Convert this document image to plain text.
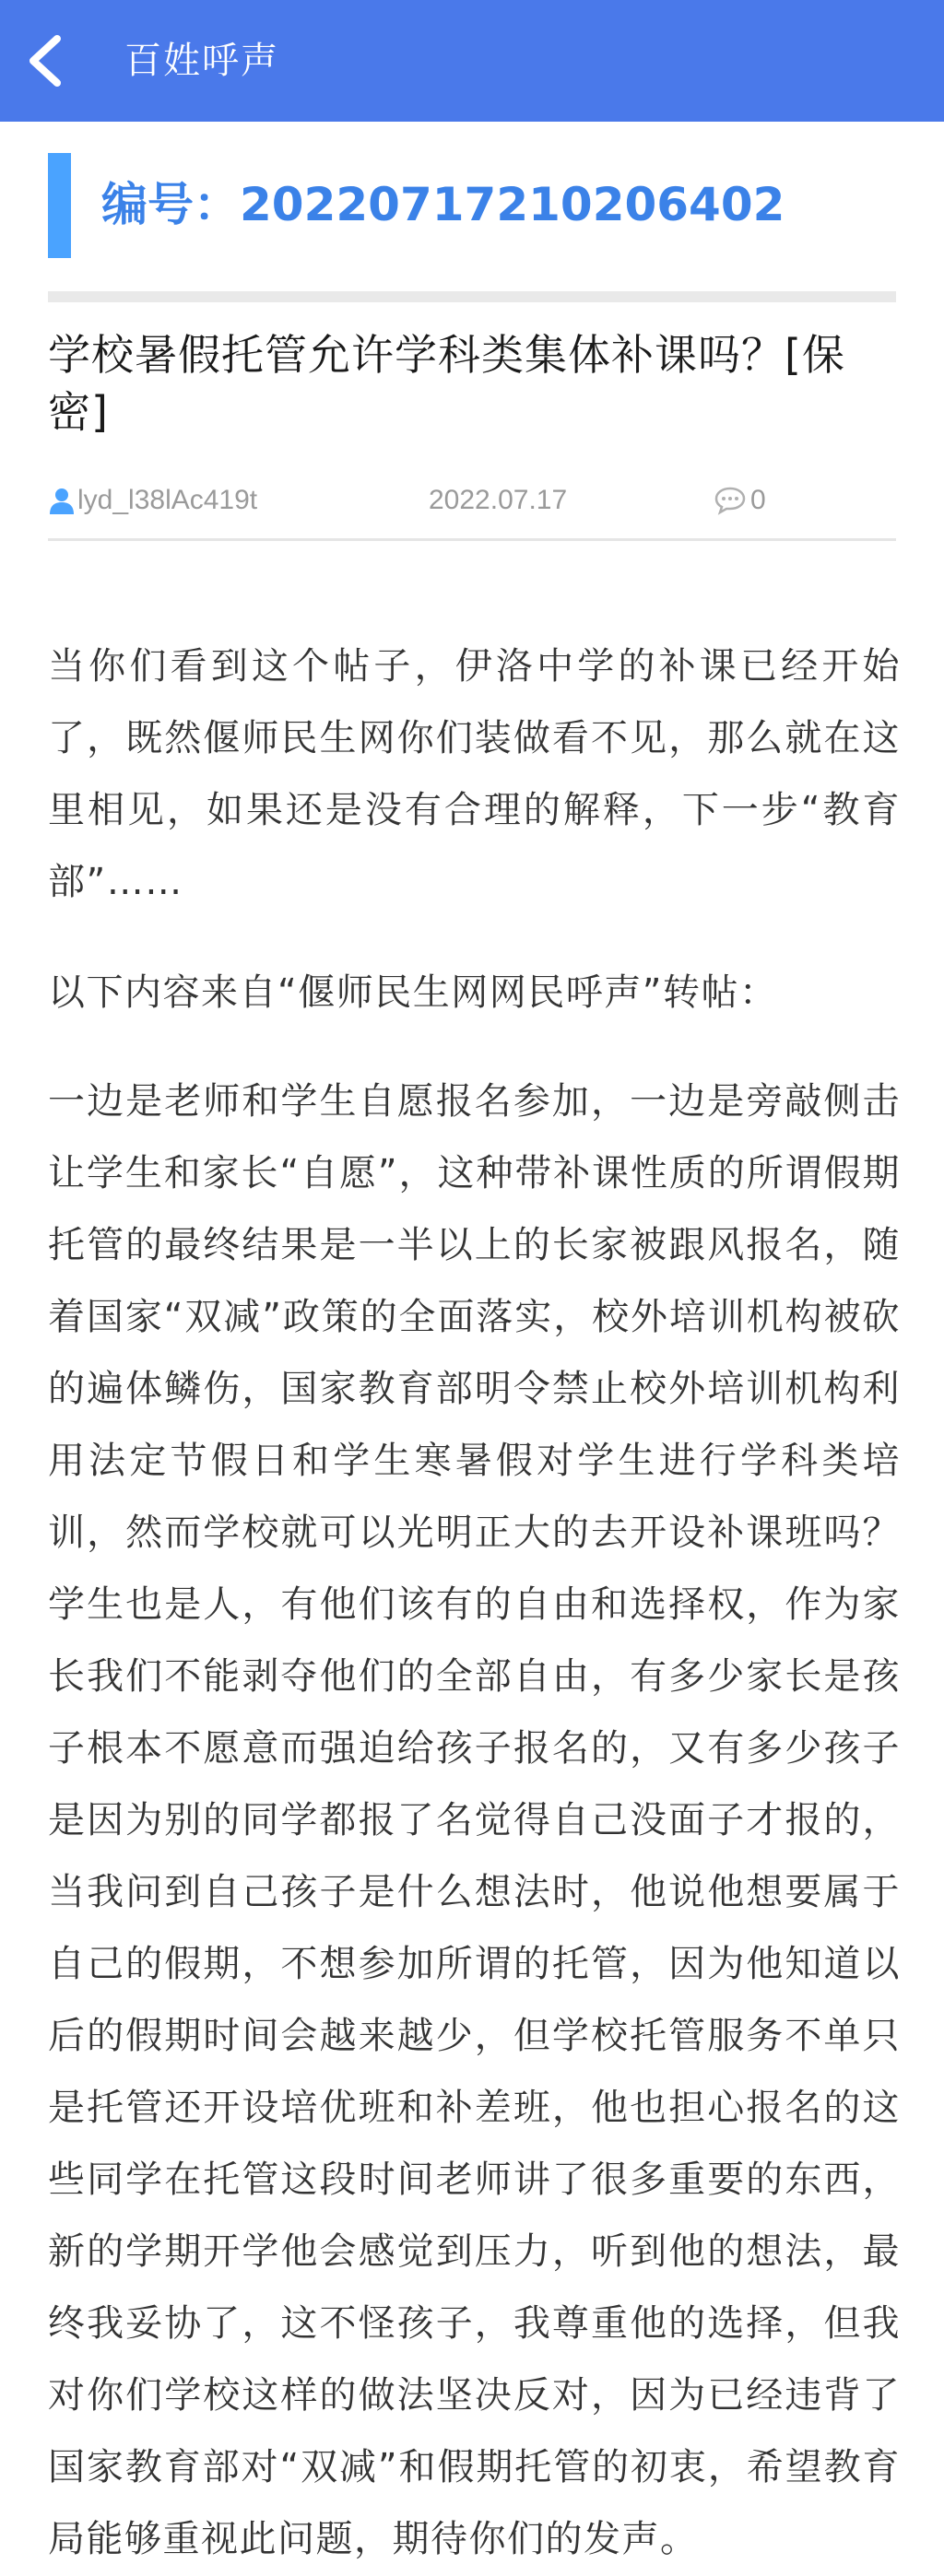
百姓呼声
编号：20220717210206402
学校暑假托管允许学科类集体补课吗？[保密]
lyd_l38lAc419t	2022.07.17	0
当你们看到这个帖子，伊洛中学的补课已经开始了，既然偃师民生网你们装做看不见，那么就在这里相见，如果还是没有合理的解释，下一步“教育部”……
以下内容来自“偃师民生网网民呼声”转帖：
一边是老师和学生自愿报名参加，一边是旁敲侧击让学生和家长“自愿”，这种带补课性质的所谓假期托管的最终结果是一半以上的长家被跟风报名，随着国家“双减”政策的全面落实，校外培训机构被砍的遍体鳞伤，国家教育部明令禁止校外培训机构利用法定节假日和学生寒暑假对学生进行学科类培训，然而学校就可以光明正大的去开设补课班吗？学生也是人，有他们该有的自由和选择权，作为家长我们不能剥夺他们的全部自由，有多少家长是孩子根本不愿意而强迫给孩子报名的，又有多少孩子是因为别的同学都报了名觉得自己没面子才报的，当我问到自己孩子是什么想法时，他说他想要属于自己的假期，不想参加所谓的托管，因为他知道以后的假期时间会越来越少，但学校托管服务不单只是托管还开设培优班和补差班，他也担心报名的这些同学在托管这段时间老师讲了很多重要的东西，新的学期开学他会感觉到压力，听到他的想法，最终我妥协了，这不怪孩子，我尊重他的选择，但我对你们学校这样的做法坚决反对，因为已经违背了国家教育部对“双减”和假期托管的初衷，希望教育局能够重视此问题，期待你们的发声。
